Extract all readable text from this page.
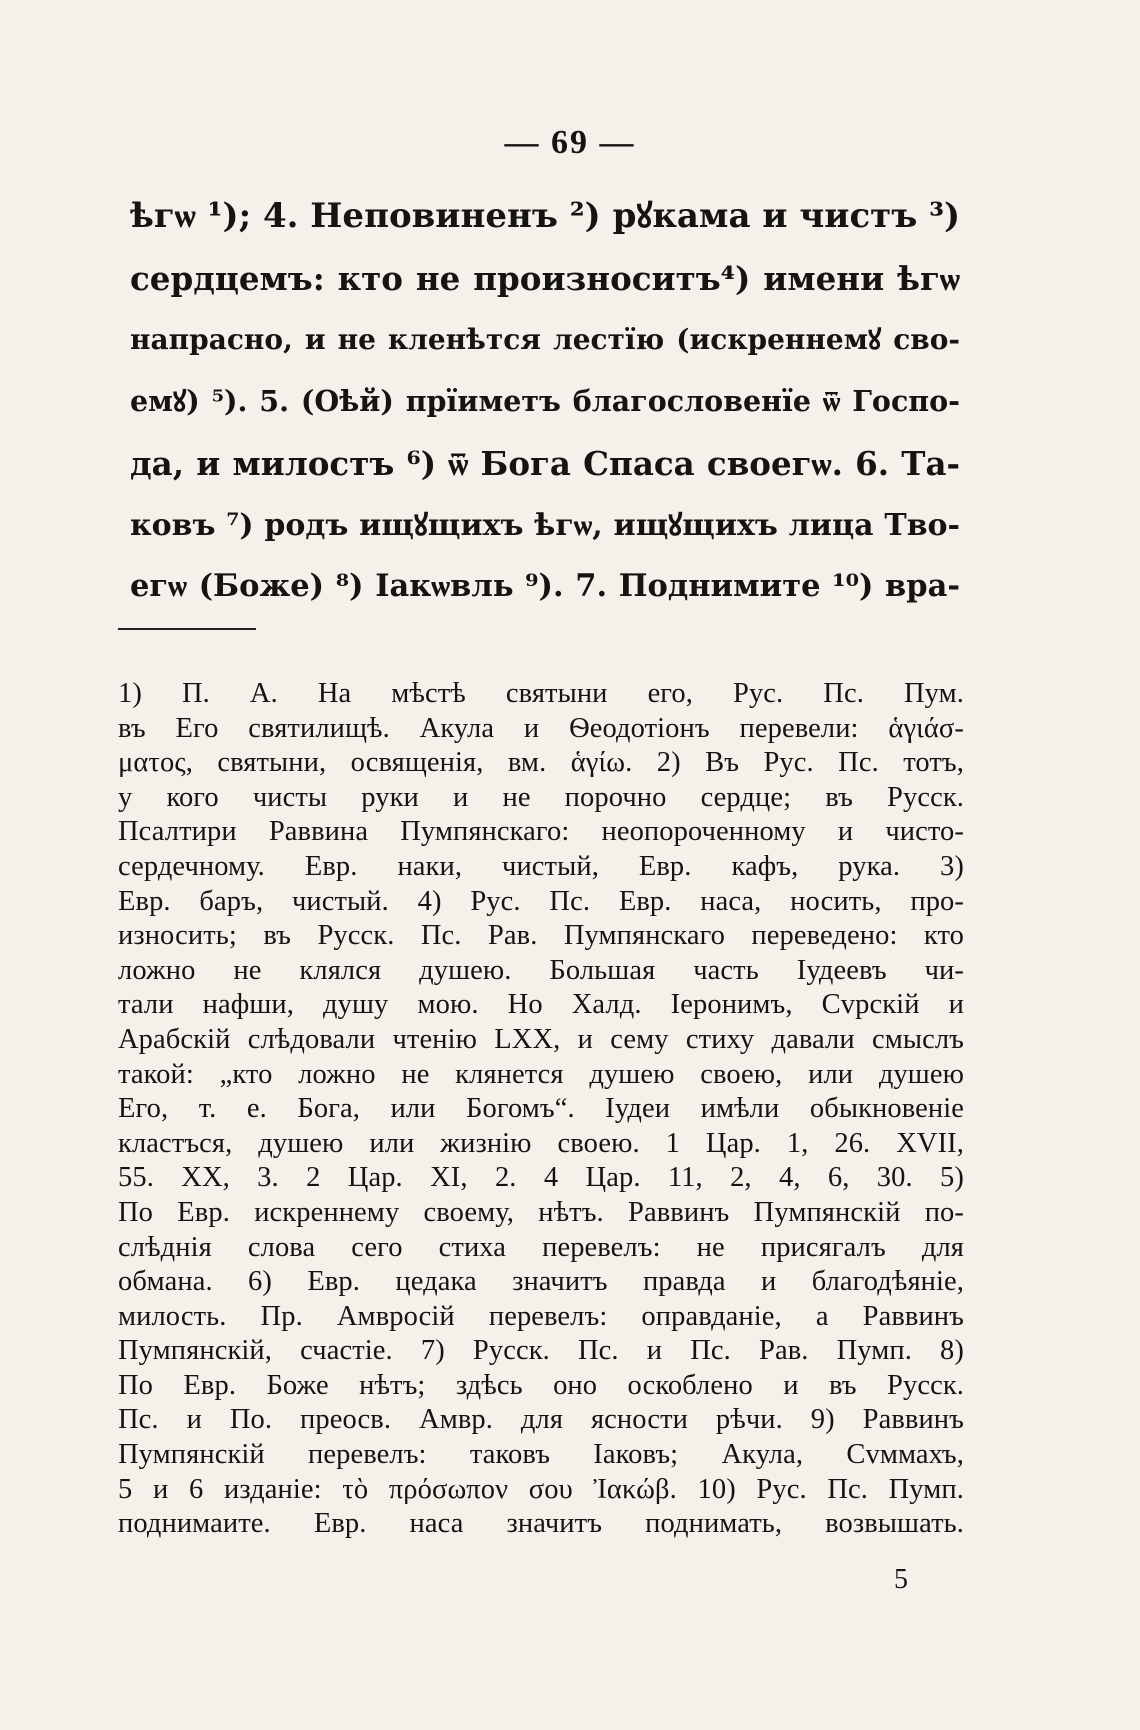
— 69 —
ѣгѡ ¹); 4. Неповиненъ ²) рꙋкама и чистъ ³)
сердцемъ: кто не произноситъ⁴) имени ѣгѡ
напрасно, и не кленѣтся лестїю (искреннемꙋ сво-
емꙋ) ⁵). 5. (Оѣй) прїиметъ благословенїе ѿ Госпо-
да, и милостъ ⁶) ѿ Бога Спаса своегѡ. 6. Та-
ковъ ⁷) родъ ищꙋщихъ ѣгѡ, ищꙋщихъ лица Тво-
егѡ (Боже) ⁸) Іакѡвль ⁹). 7. Поднимите ¹⁰) вра-
1) П. А. На мѣстѣ святыни его, Рус. Пс. Пум.
въ Его святилищѣ. Акула и Ѳеодотіонъ перевели: ἁγιάσ-
ματος, святыни, освященія, вм. ἁγίω. 2) Въ Рус. Пс. тотъ,
у кого чисты руки и не порочно сердце; въ Русск.
Псалтири Раввина Пумпянскаго: неопороченному и чисто-
сердечному. Евр. наки, чистый, Евр. кафъ, рука. 3)
Евр. баръ, чистый. 4) Рус. Пс. Евр. наса, носить, про-
износить; въ Русск. Пс. Рав. Пумпянскаго переведено: кто
ложно не клялся душею. Большая часть Іудеевъ чи-
тали нафши, душу мою. Но Халд. Іеронимъ, Сvрскій и
Арабскій слѣдовали чтенію LXX, и сему стиху давали смыслъ
такой: „кто ложно не клянется душею своею, или душею
Его, т. е. Бога, или Богомъ“. Іудеи имѣли обыкновеніе
кластъся, душею или жизнію своею. 1 Цар. 1, 26. XVII,
55. XX, 3. 2 Цар. XI, 2. 4 Цар. 11, 2, 4, 6, 30. 5)
По Евр. искреннему своему, нѣтъ. Раввинъ Пумпянскій по-
слѣднія слова сего стиха перевелъ: не присягалъ для
обмана. 6) Евр. цедака значитъ правда и благодѣяніе,
милость. Пр. Амвросій перевелъ: оправданіе, а Раввинъ
Пумпянскій, счастіе. 7) Русск. Пс. и Пс. Рав. Пумп. 8)
По Евр. Боже нѣтъ; здѣсь оно оскоблено и въ Русск.
Пс. и По. преосв. Амвр. для ясности рѣчи. 9) Раввинъ
Пумпянскій перевелъ: таковъ Іаковъ; Акула, Сvммахъ,
5 и 6 изданіе: τὸ πρόσωπον σου Ἰακώβ. 10) Рус. Пс. Пумп.
поднимаите. Евр. наса значитъ поднимать, возвышать.
5
